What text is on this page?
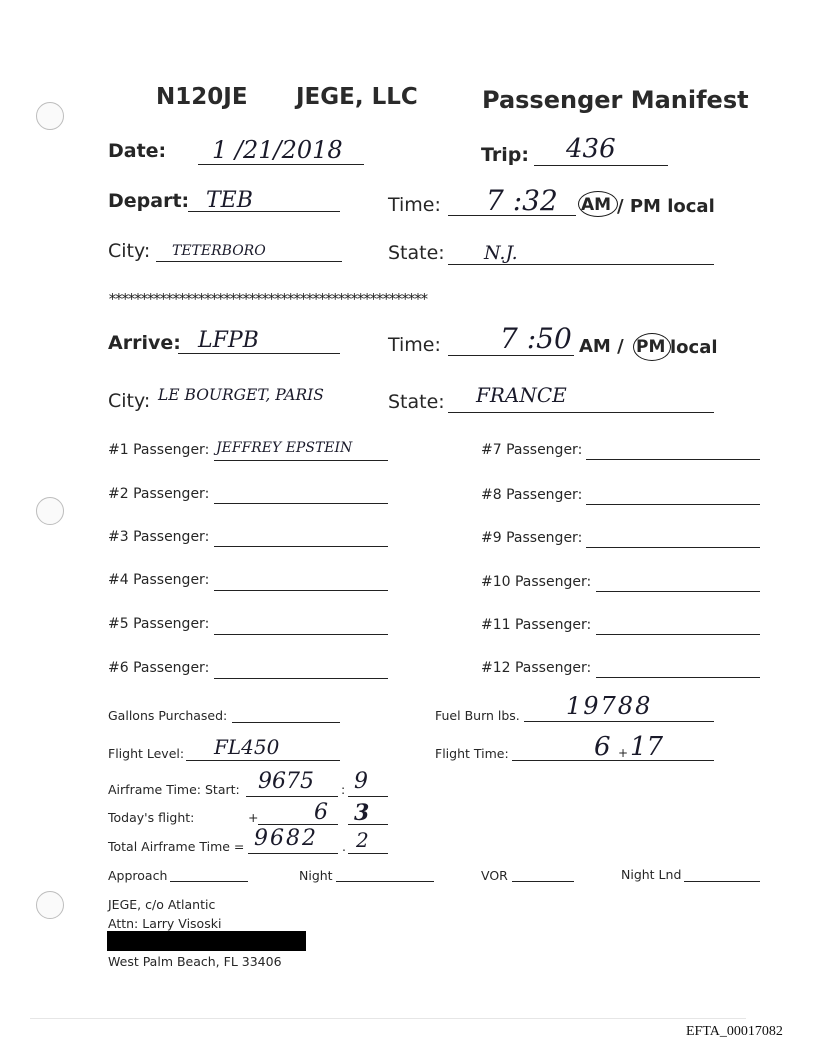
N120JE JEGE, LLC	Passenger Manifest
Date: 1 /21/2018	Trip: 436
Depart: TEB	Time: 7 :32 AM / PM local
City: TETERBORO	State: N.J.
**************************************************
Arrive: LFPB	Time: 7 :50 AM / PM local
City: LE BOURGET, PARIS	State: FRANCE
#1 Passenger: JEFFREY EPSTEIN
#2 Passenger:
#3 Passenger:
#4 Passenger:
#5 Passenger:
#6 Passenger:
#7 Passenger:
#8 Passenger:
#9 Passenger:
#10 Passenger:
#11 Passenger:
#12 Passenger:
Gallons Purchased:	Fuel Burn lbs. 19788
Flight Level: FL450	Flight Time:	6 + 17
Airframe Time: Start: 9675 : 9
Today's flight:	+	6 3
Total Airframe Time = 9682 . 2
Approach	Night	VOR	Night Lnd
JEGE, c/o Atlantic
Attn: Larry Visoski
West Palm Beach, FL 33406
EFTA_00017082
